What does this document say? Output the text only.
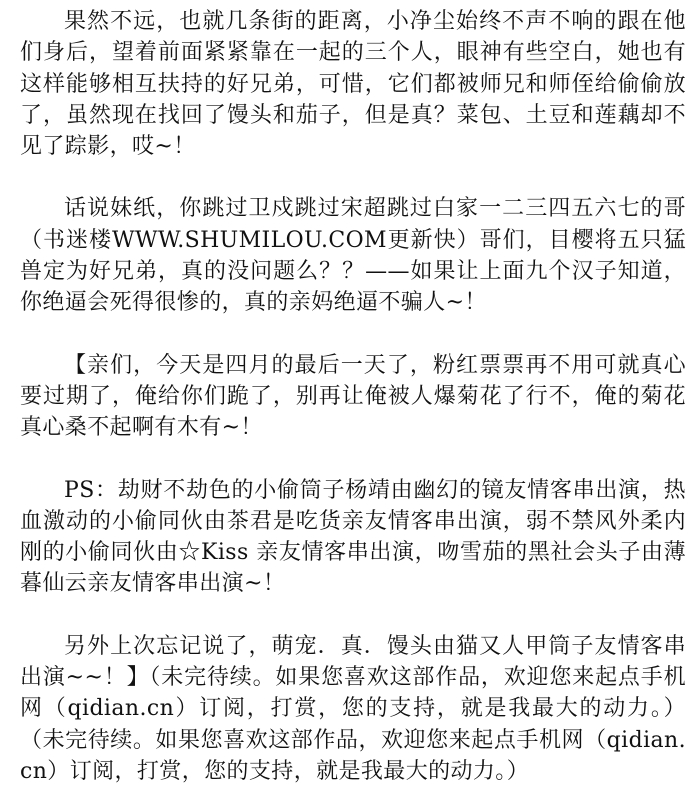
果然不远，也就几条街的距离，小净尘始终不声不响的跟在他们身后，望着前面紧紧靠在一起的三个人，眼神有些空白，她也有这样能够相互扶持的好兄弟，可惜，它们都被师兄和师侄给偷偷放了，虽然现在找回了馒头和茄子，但是真？菜包、土豆和莲藕却不见了踪影，哎~！

话说妹纸，你跳过卫戍跳过宋超跳过白家一二三四五六七的哥（书迷楼WWW.SHUMILOU.COM更新快）哥们，目樱将五只猛兽定为好兄弟，真的没问题么？？——如果让上面九个汉子知道，你绝逼会死得很惨的，真的亲妈绝逼不骗人~！

【亲们，今天是四月的最后一天了，粉红票票再不用可就真心要过期了，俺给你们跪了，别再让俺被人爆菊花了行不，俺的菊花真心桑不起啊有木有~！

PS：劫财不劫色的小偷筒子杨靖由幽幻的镜友情客串出演，热血激动的小偷同伙由茶君是吃货亲友情客串出演，弱不禁风外柔内刚的小偷同伙由☆Kiss 亲友情客串出演，吻雪茄的黑社会头子由薄暮仙云亲友情客串出演~！

另外上次忘记说了，萌宠．真．馒头由猫又人甲筒子友情客串出演~~！】（未完待续。如果您喜欢这部作品，欢迎您来起点手机网（qidian.cn）订阅，打赏，您的支持，就是我最大的动力。）（未完待续。如果您喜欢这部作品，欢迎您来起点手机网（qidian.cn）订阅，打赏，您的支持，就是我最大的动力。）
